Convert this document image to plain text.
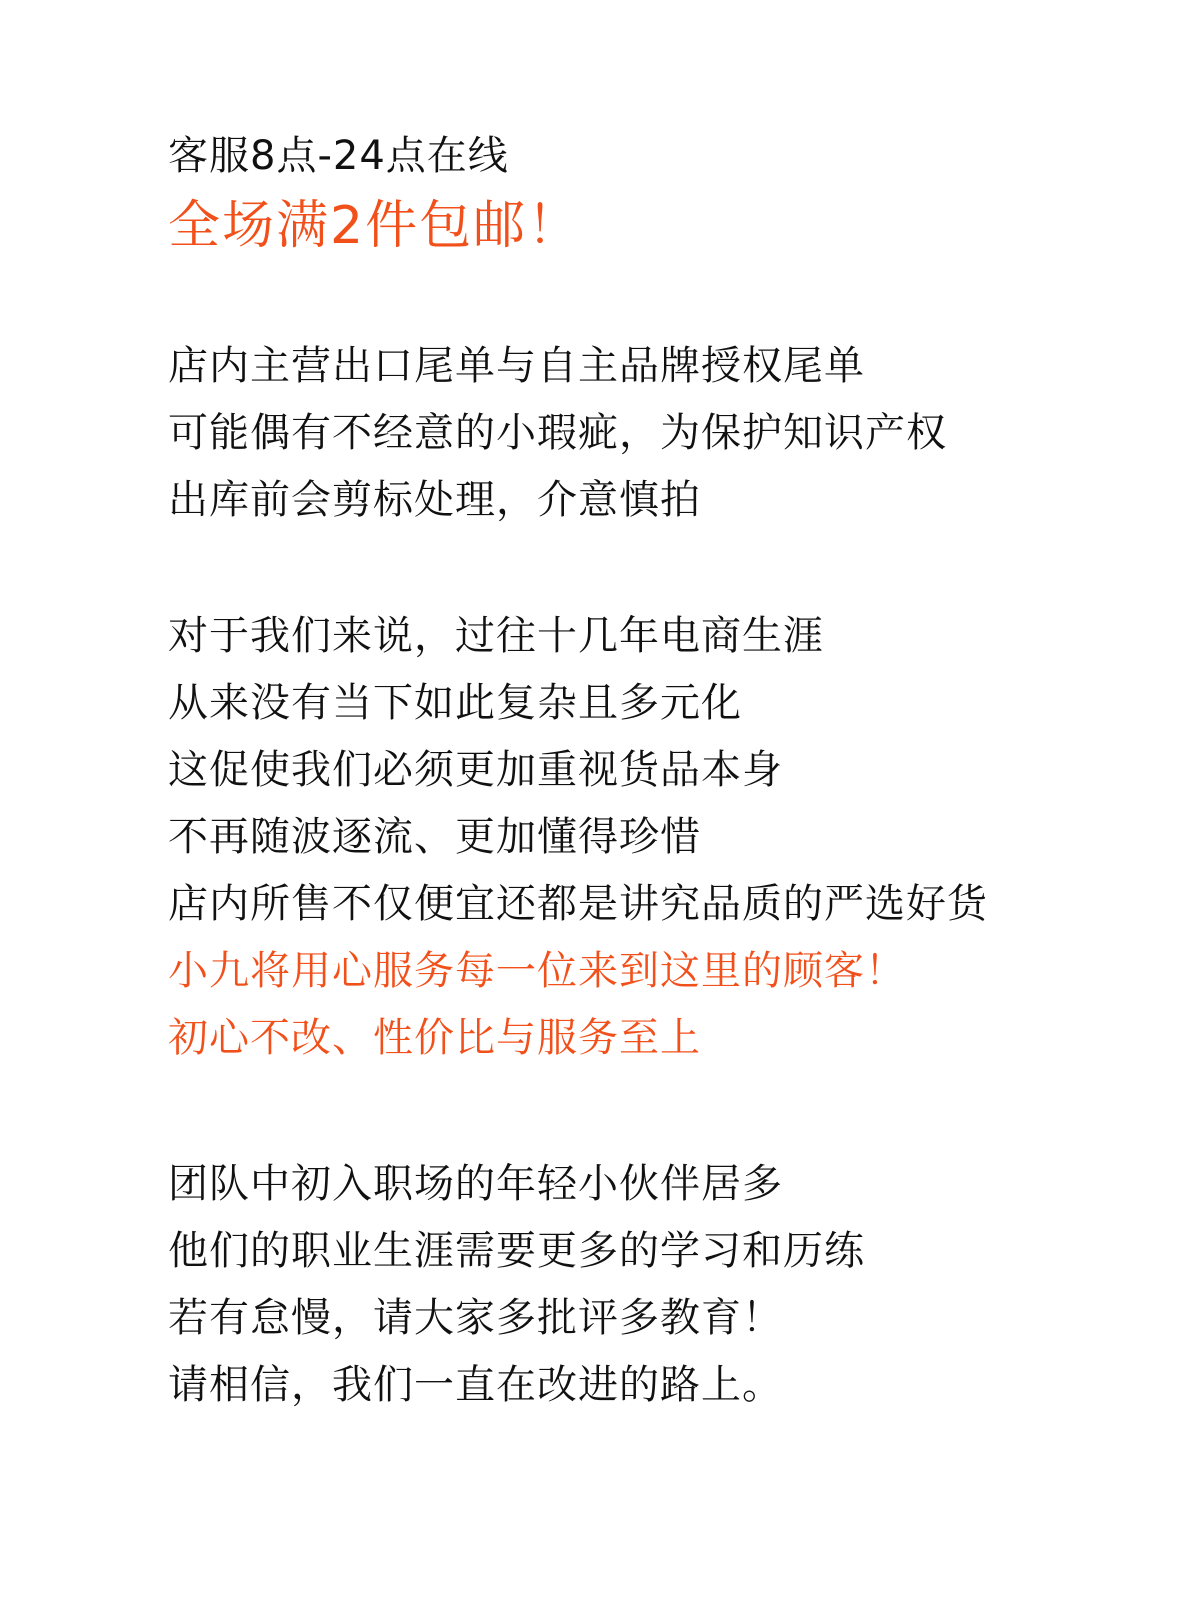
客服8点-24点在线
全场满2件包邮！
店内主营出口尾单与自主品牌授权尾单
可能偶有不经意的小瑕疵，为保护知识产权
出库前会剪标处理，介意慎拍
对于我们来说，过往十几年电商生涯
从来没有当下如此复杂且多元化
这促使我们必须更加重视货品本身
不再随波逐流、更加懂得珍惜
店内所售不仅便宜还都是讲究品质的严选好货
小九将用心服务每一位来到这里的顾客！
初心不改、性价比与服务至上
团队中初入职场的年轻小伙伴居多
他们的职业生涯需要更多的学习和历练
若有怠慢，请大家多批评多教育！
请相信，我们一直在改进的路上。
